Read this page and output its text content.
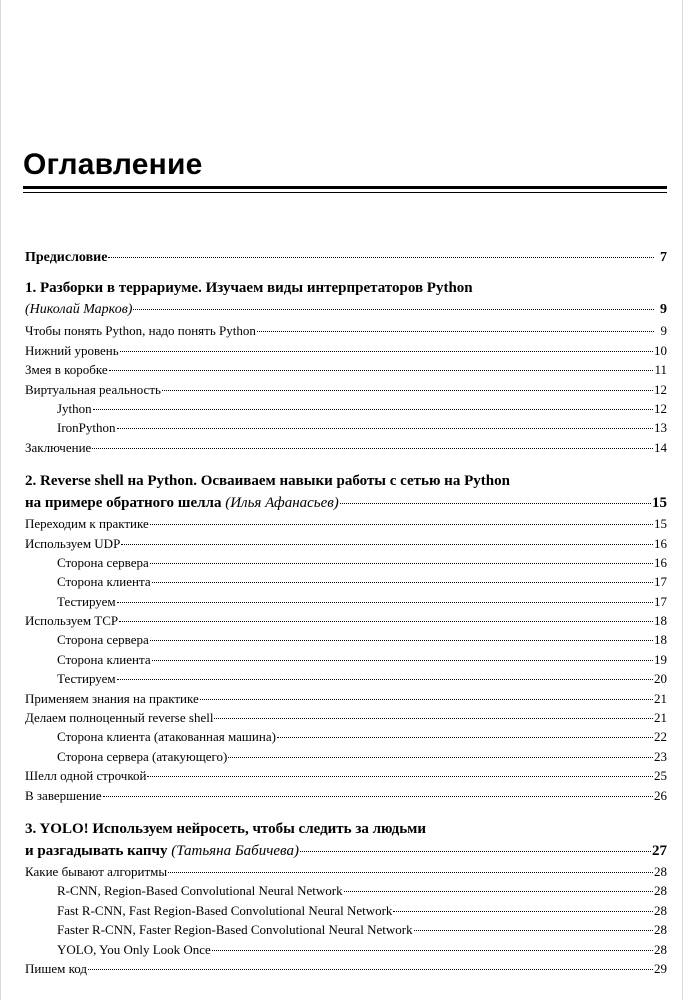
Оглавление
Предисловие	7
1. Разборки в террариуме. Изучаем виды интерпретаторов Python
(Николай Марков)	9
Чтобы понять Python, надо понять Python	9
Нижний уровень	10
Змея в коробке	11
Виртуальная реальность	12
Jython	12
IronPython	13
Заключение	14
2. Reverse shell на Python. Осваиваем навыки работы с сетью на Python
на примере обратного шелла
(Илья Афанасьев)	15
Переходим к практике	15
Используем UDP	16
Сторона сервера	16
Сторона клиента	17
Тестируем	17
Используем TCP	18
Сторона сервера	18
Сторона клиента	19
Тестируем	20
Применяем знания на практике	21
Делаем полноценный reverse shell	21
Сторона клиента (атакованная машина)	22
Сторона сервера (атакующего)	23
Шелл одной строчкой	25
В завершение	26
3. YOLO! Используем нейросеть, чтобы следить за людьми
и разгадывать капчу
(Татьяна Бабичева)	27
Какие бывают алгоритмы	28
R-CNN, Region-Based Convolutional Neural Network	28
Fast R-CNN, Fast Region-Based Convolutional Neural Network	28
Faster R-CNN, Faster Region-Based Convolutional Neural Network	28
YOLO, You Only Look Once	28
Пишем код	29
